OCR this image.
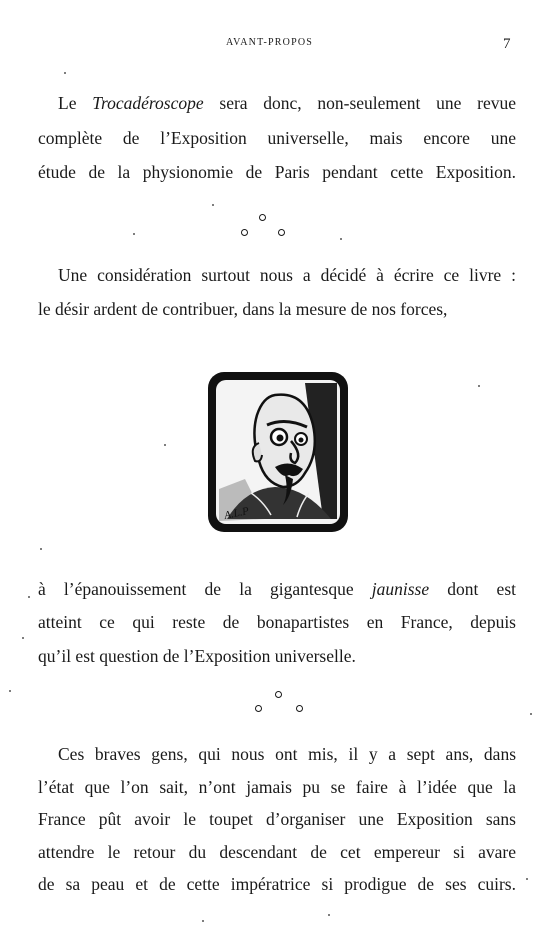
AVANT-PROPOS	7
Le Trocadéroscope sera donc, non-seulement une revue
complète de l’Exposition universelle, mais encore une
étude de la physionomie de Paris pendant cette Exposition.
Une considération surtout nous a décidé à écrire ce livre :
le désir ardent de contribuer, dans la mesure de nos forces,
A.L.P
à l’épanouissement de la gigantesque jaunisse dont est
atteint ce qui reste de bonapartistes en France, depuis
qu’il est question de l’Exposition universelle.
Ces braves gens, qui nous ont mis, il y a sept ans, dans
l’état que l’on sait, n’ont jamais pu se faire à l’idée que la
France pût avoir le toupet d’organiser une Exposition sans
attendre le retour du descendant de cet empereur si avare
de sa peau et de cette impératrice si prodigue de ses cuirs.
